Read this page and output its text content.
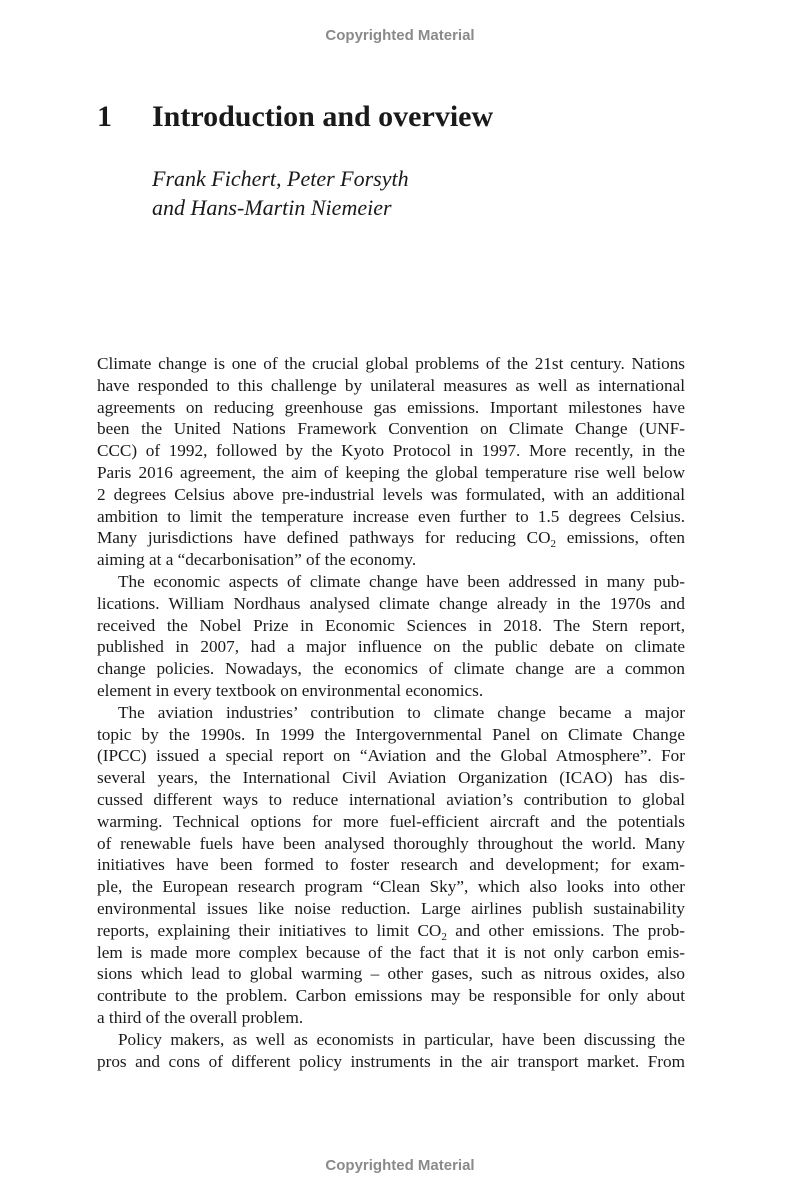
Copyrighted Material
1 Introduction and overview
Frank Fichert, Peter Forsyth
and Hans-Martin Niemeier
Climate change is one of the crucial global problems of the 21st century. Nations
have responded to this challenge by unilateral measures as well as international
agreements on reducing greenhouse gas emissions. Important milestones have
been the United Nations Framework Convention on Climate Change (UNF-
CCC) of 1992, followed by the Kyoto Protocol in 1997. More recently, in the
Paris 2016 agreement, the aim of keeping the global temperature rise well below
2 degrees Celsius above pre-industrial levels was formulated, with an additional
ambition to limit the temperature increase even further to 1.5 degrees Celsius.
Many jurisdictions have defined pathways for reducing $CO_2$ emissions, often
aiming at a “decarbonisation” of the economy.
The economic aspects of climate change have been addressed in many pub-
lications. William Nordhaus analysed climate change already in the 1970s and
received the Nobel Prize in Economic Sciences in 2018. The Stern report,
published in 2007, had a major influence on the public debate on climate
change policies. Nowadays, the economics of climate change are a common
element in every textbook on environmental economics.
The aviation industries’ contribution to climate change became a major
topic by the 1990s. In 1999 the Intergovernmental Panel on Climate Change
(IPCC) issued a special report on “Aviation and the Global Atmosphere”. For
several years, the International Civil Aviation Organization (ICAO) has dis-
cussed different ways to reduce international aviation’s contribution to global
warming. Technical options for more fuel-efficient aircraft and the potentials
of renewable fuels have been analysed thoroughly throughout the world. Many
initiatives have been formed to foster research and development; for exam-
ple, the European research program “Clean Sky”, which also looks into other
environmental issues like noise reduction. Large airlines publish sustainability
reports, explaining their initiatives to limit $CO_2$ and other emissions. The prob-
lem is made more complex because of the fact that it is not only carbon emis-
sions which lead to global warming – other gases, such as nitrous oxides, also
contribute to the problem. Carbon emissions may be responsible for only about
a third of the overall problem.
Policy makers, as well as economists in particular, have been discussing the
pros and cons of different policy instruments in the air transport market. From
Copyrighted Material
